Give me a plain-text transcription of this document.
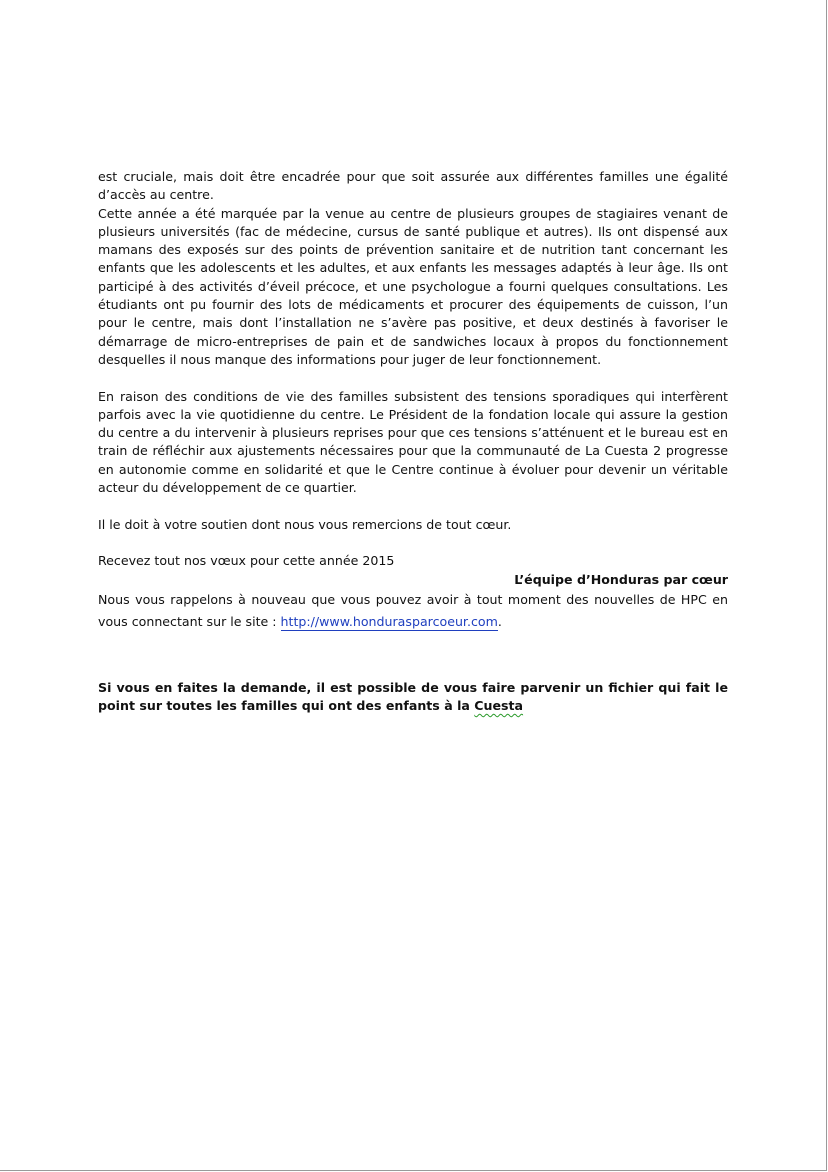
est cruciale, mais doit être encadrée pour que soit assurée aux différentes familles une égalité d’accès au centre.

Cette année a été marquée par la venue au centre de plusieurs groupes de stagiaires venant de plusieurs universités (fac de médecine, cursus de santé publique et autres). Ils ont dispensé aux mamans des exposés sur des points de prévention sanitaire et de nutrition tant concernant les enfants que les adolescents et les adultes, et aux enfants les messages adaptés à leur âge. Ils ont participé à des activités d’éveil précoce, et une psychologue a fourni quelques consultations. Les étudiants ont pu fournir des lots de médicaments et procurer des équipements de cuisson, l’un pour le centre, mais dont l’installation ne s’avère pas positive, et deux destinés à favoriser le démarrage de micro-entreprises de pain et de sandwiches locaux à propos du fonctionnement desquelles il nous manque des informations pour juger de leur fonctionnement.

En raison des conditions de vie des familles subsistent des tensions sporadiques qui interfèrent parfois avec la vie quotidienne du centre. Le Président de la fondation locale qui assure la gestion du centre a du intervenir à plusieurs reprises pour que ces tensions s’atténuent et le bureau est en train de réfléchir aux ajustements nécessaires pour que la communauté de La Cuesta 2 progresse en autonomie comme en solidarité et que le Centre continue à évoluer pour devenir un véritable acteur du développement de ce quartier.

Il le doit à votre soutien dont nous vous remercions de tout cœur.

Recevez tout nos vœux pour cette année 2015

L’équipe d’Honduras par cœur

Nous vous rappelons à nouveau que vous pouvez avoir à tout moment des nouvelles de HPC en vous connectant sur le site : http://www.hondurasparcoeur.com.

Si vous en faites la demande, il est possible de vous faire parvenir un fichier qui fait le point sur toutes les familles qui ont des enfants à la Cuesta
